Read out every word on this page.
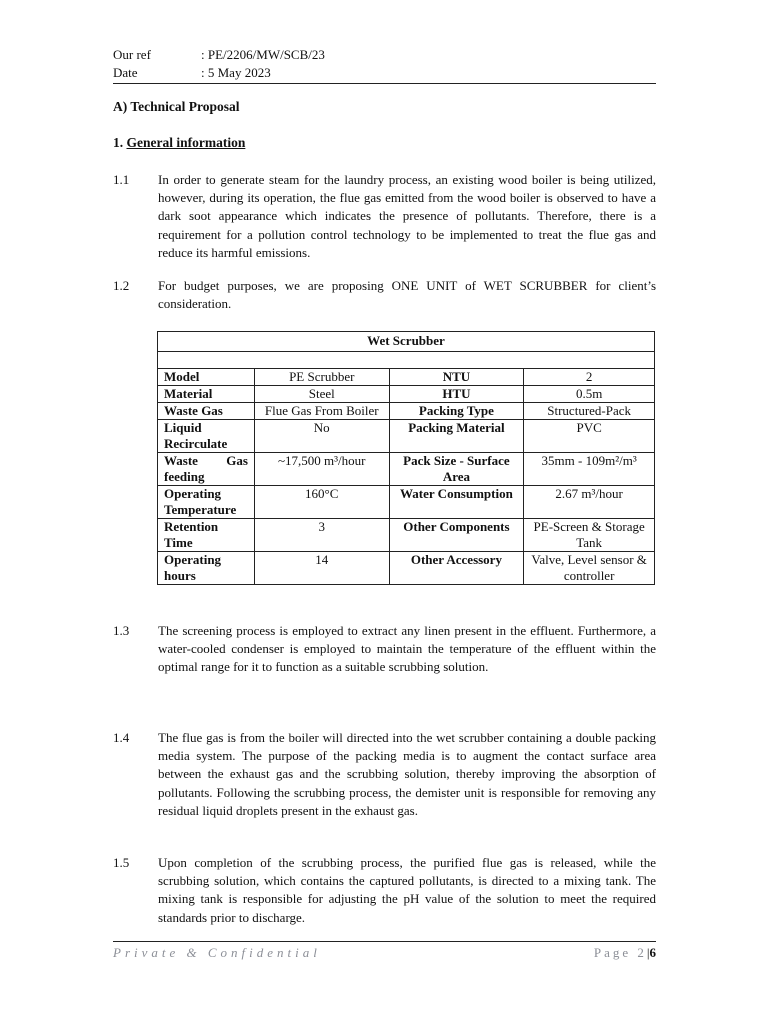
Our ref	: PE/2206/MW/SCB/23
Date	: 5 May 2023
A) Technical Proposal
1. General information
1.1	In order to generate steam for the laundry process, an existing wood boiler is being utilized, however, during its operation, the flue gas emitted from the wood boiler is observed to have a dark soot appearance which indicates the presence of pollutants. Therefore, there is a requirement for a pollution control technology to be implemented to treat the flue gas and reduce its harmful emissions.
1.2	For budget purposes, we are proposing ONE UNIT of WET SCRUBBER for client’s consideration.
Wet Scrubber			

Model	PE Scrubber	NTU	2
Material	Steel	HTU	0.5m
Waste Gas	Flue Gas From Boiler	Packing Type	Structured-Pack
Liquid Recirculate	No	Packing Material	PVC
Waste Gas feeding	~17,500 m³/hour	Pack Size - Surface Area	35mm - 109m²/m³
Operating Temperature	160°C	Water Consumption	2.67 m³/hour
Retention Time	3	Other Components	PE-Screen & Storage Tank
Operating hours	14	Other Accessory	Valve, Level sensor & controller
1.3	The screening process is employed to extract any linen present in the effluent. Furthermore, a water-cooled condenser is employed to maintain the temperature of the effluent within the optimal range for it to function as a suitable scrubbing solution.
1.4	The flue gas is from the boiler will directed into the wet scrubber containing a double packing media system. The purpose of the packing media is to augment the contact surface area between the exhaust gas and the scrubbing solution, thereby improving the absorption of pollutants. Following the scrubbing process, the demister unit is responsible for removing any residual liquid droplets present in the exhaust gas.
1.5	Upon completion of the scrubbing process, the purified flue gas is released, while the scrubbing solution, which contains the captured pollutants, is directed to a mixing tank. The mixing tank is responsible for adjusting the pH value of the solution to meet the required standards prior to discharge.
Private & Confidential	Page 2|6
